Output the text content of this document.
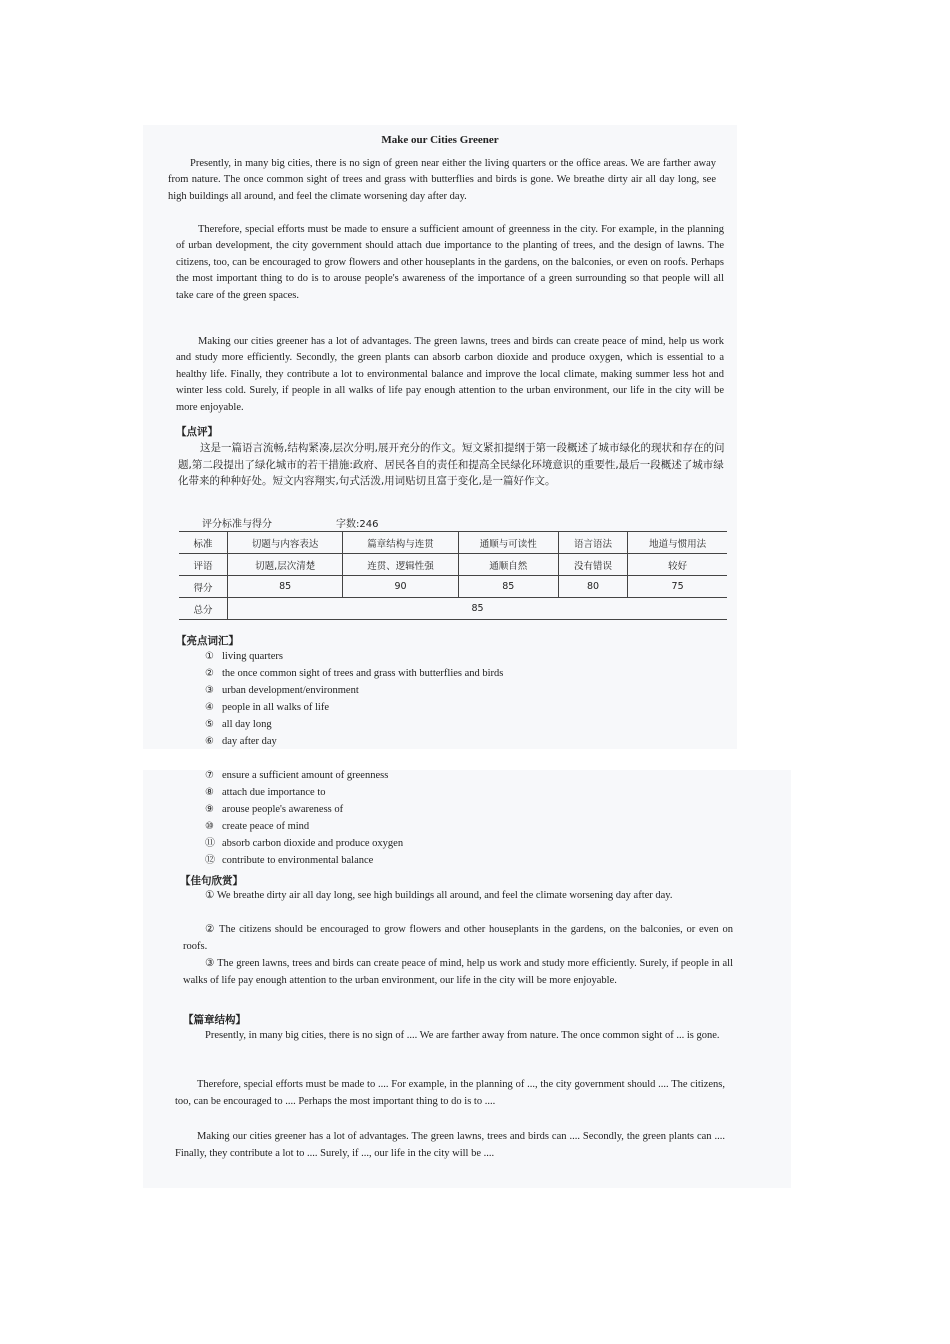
Make our Cities Greener

Presently, in many big cities, there is no sign of green near either the living quarters or the office areas. We are farther away from nature. The once common sight of trees and grass with butterflies and birds is gone. We breathe dirty air all day long, see high buildings all around, and feel the climate worsening day after day.

Therefore, special efforts must be made to ensure a sufficient amount of greenness in the city. For example, in the planning of urban development, the city government should attach due importance to the planting of trees, and the design of lawns. The citizens, too, can be encouraged to grow flowers and other houseplants in the gardens, on the balconies, or even on roofs. Perhaps the most important thing to do is to arouse people's awareness of the importance of a green surrounding so that people will all take care of the green spaces.

Making our cities greener has a lot of advantages. The green lawns, trees and birds can create peace of mind, help us work and study more efficiently. Secondly, the green plants can absorb carbon dioxide and produce oxygen, which is essential to a healthy life. Finally, they contribute a lot to environmental balance and improve the local climate, making summer less hot and winter less cold. Surely, if people in all walks of life pay enough attention to the urban environment, our life in the city will be more enjoyable.

【点评】

这是一篇语言流畅,结构紧凑,层次分明,展开充分的作文。短文紧扣提纲于第一段概述了城市绿化的现状和存在的问题,第二段提出了绿化城市的若干措施:政府、居民各自的责任和提高全民绿化环境意识的重要性,最后一段概述了城市绿化带来的种种好处。短文内容翔实,句式活泼,用词贴切且富于变化,是一篇好作文。

评分标准与得分	字数:246
标准	切题与内容表达	篇章结构与连贯	通顺与可读性	语言语法	地道与惯用法
评语	切题,层次清楚	连贯、逻辑性强	通顺自然	没有错误	较好
得分	85	90	85	80	75
总分	85				

【亮点词汇】

① living quarters
② the once common sight of trees and grass with butterflies and birds
③ urban development/environment
④ people in all walks of life
⑤ all day long
⑥ day after day
⑦ ensure a sufficient amount of greenness
⑧ attach due importance to
⑨ arouse people's awareness of
⑩ create peace of mind
⑪ absorb carbon dioxide and produce oxygen
⑫ contribute to environmental balance

【佳句欣赏】

① We breathe dirty air all day long, see high buildings all around, and feel the climate worsening day after day.

② The citizens should be encouraged to grow flowers and other houseplants in the gardens, on the balconies, or even on roofs.

③ The green lawns, trees and birds can create peace of mind, help us work and study more efficiently. Surely, if people in all walks of life pay enough attention to the urban environment, our life in the city will be more enjoyable.

【篇章结构】

Presently, in many big cities, there is no sign of .... We are farther away from nature. The once common sight of ... is gone.

Therefore, special efforts must be made to .... For example, in the planning of ..., the city government should .... The citizens, too, can be encouraged to .... Perhaps the most important thing to do is to ....

Making our cities greener has a lot of advantages. The green lawns, trees and birds can .... Secondly, the green plants can .... Finally, they contribute a lot to .... Surely, if ..., our life in the city will be ....
